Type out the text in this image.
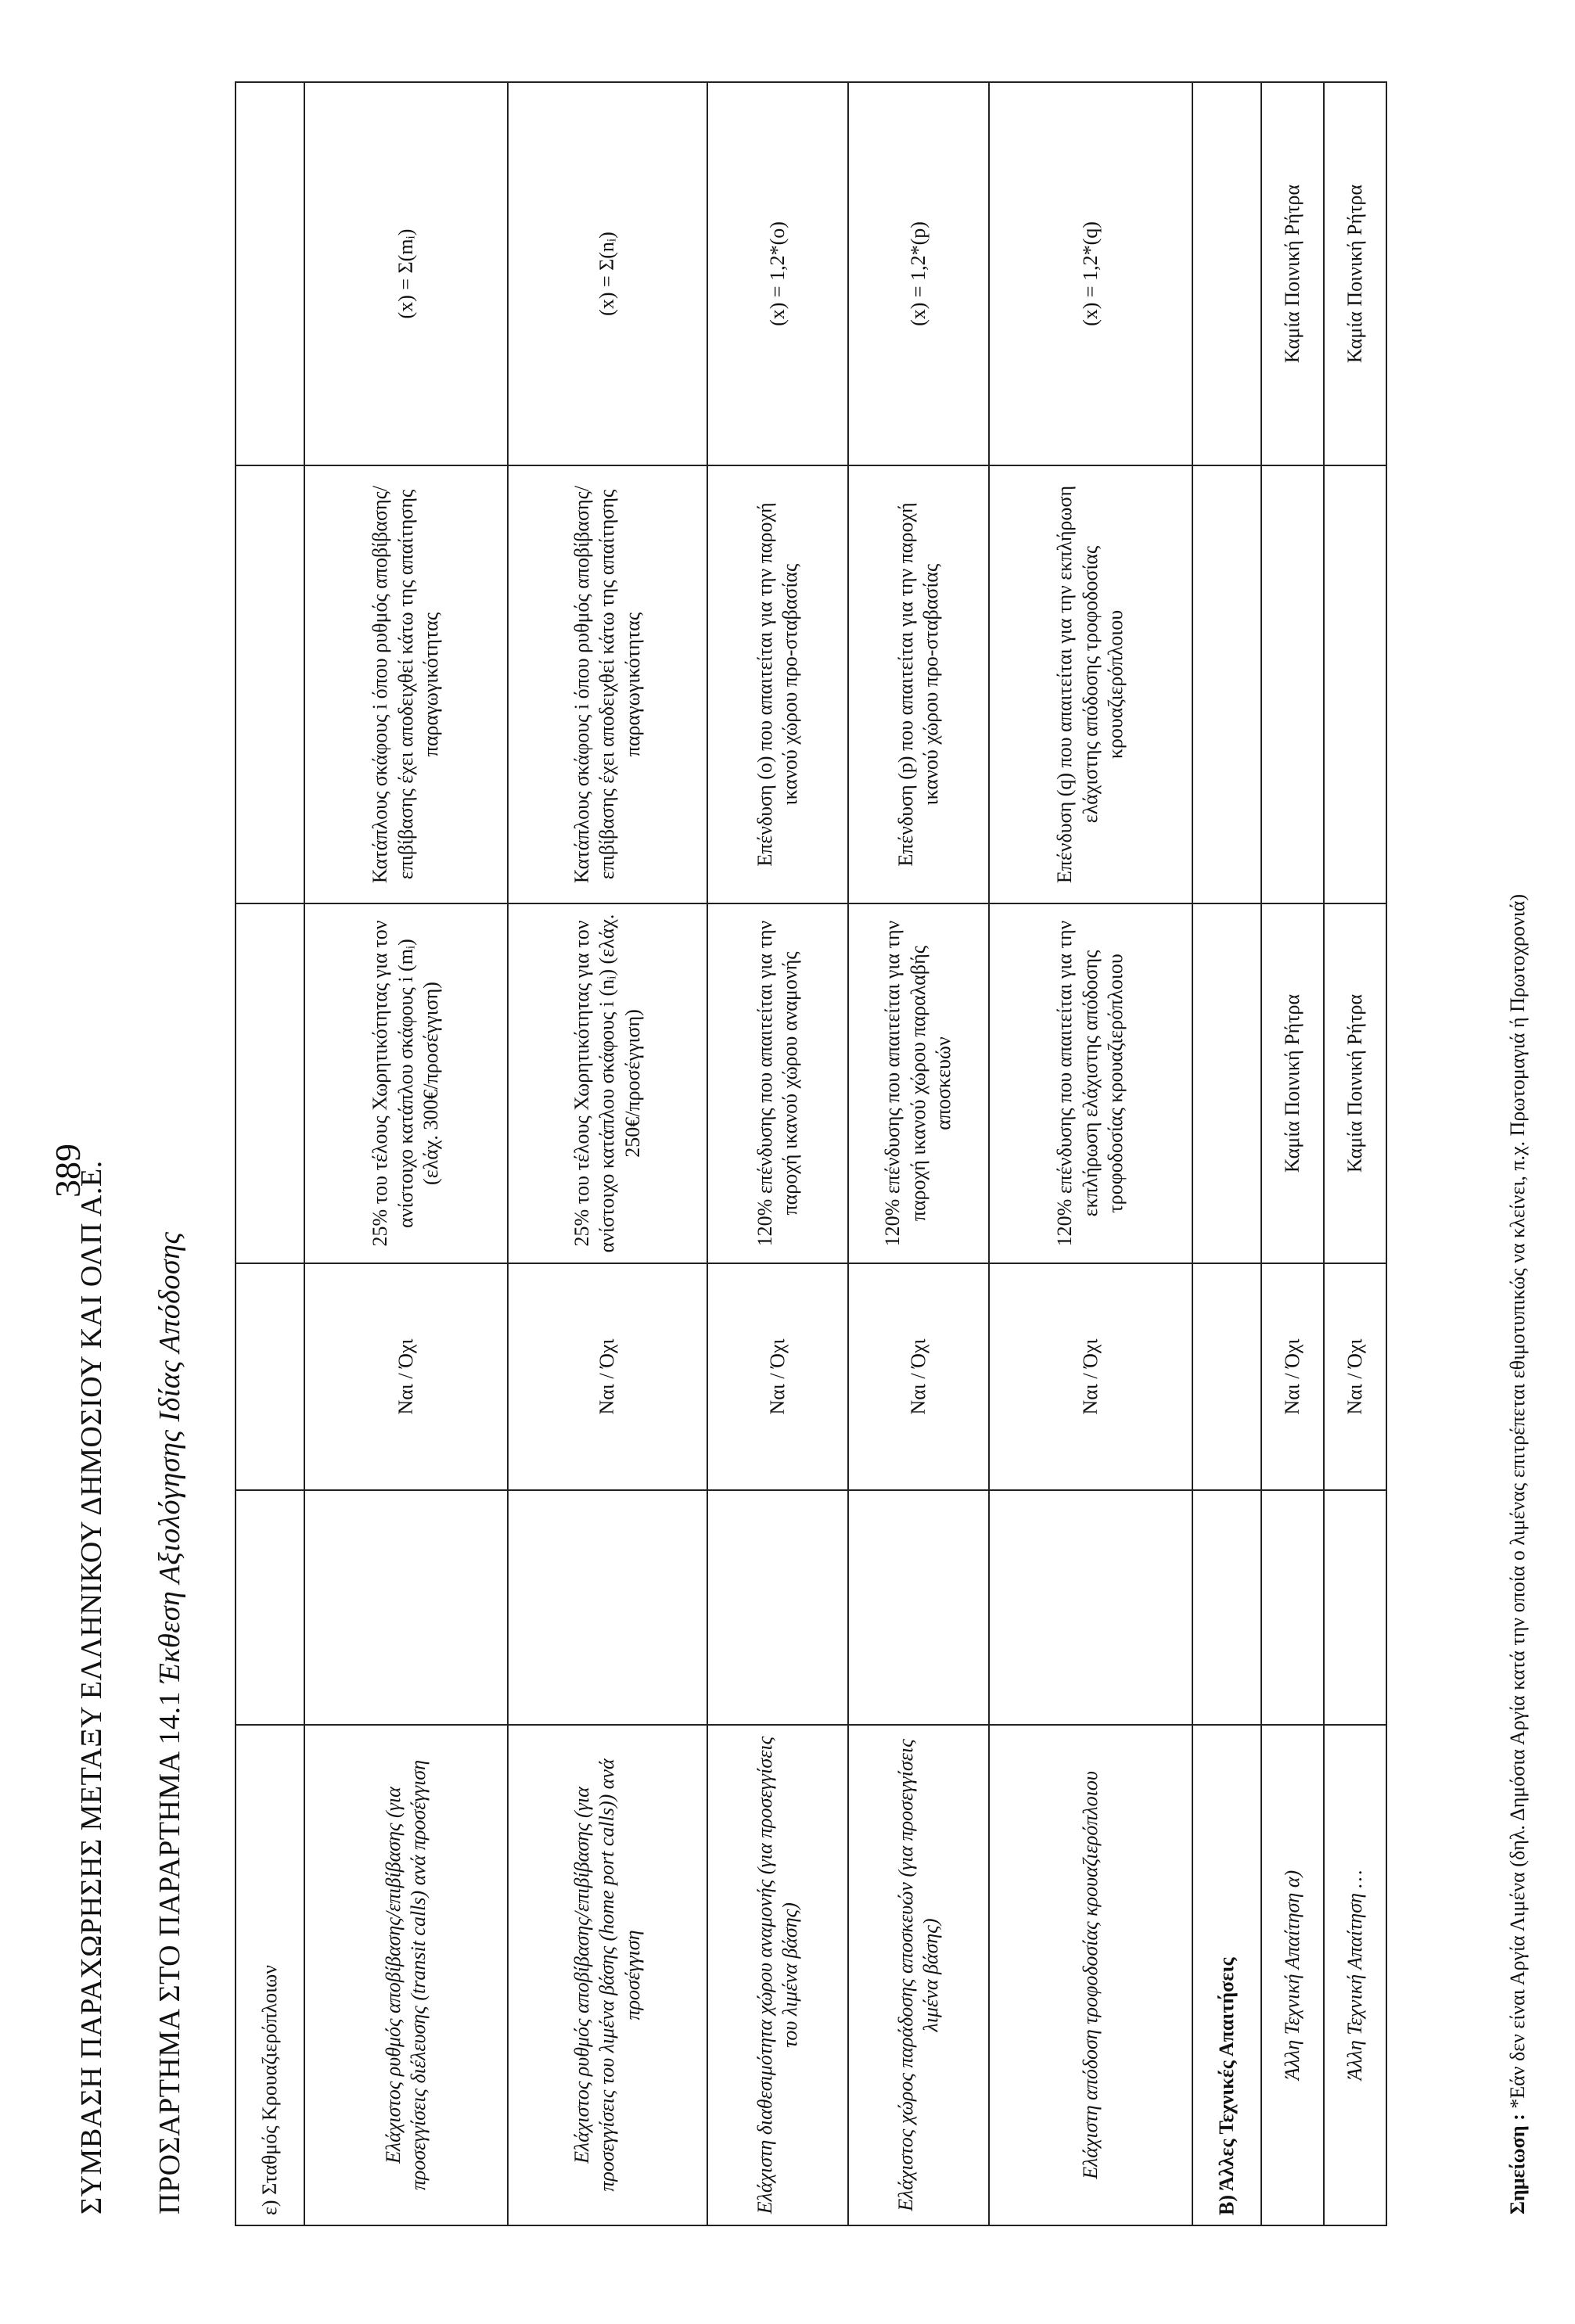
ΣΥΜΒΑΣΗ ΠΑΡΑΧΩΡΗΣΗΣ ΜΕΤΑΞΥ ΕΛΛΗΝΙΚΟΥ ΔΗΜΟΣΙΟΥ ΚΑΙ ΟΛΠ Α.Ε.
389
ΠΡΟΣΑΡΤΗΜΑ ΣΤΟ ΠΑΡΑΡΤΗΜΑ 14.1 Έκθεση Αξιολόγησης Ιδίας Απόδοσης
ε) Σταθμός Κρουαζιερόπλοιων					
Ελάχιστος ρυθμός αποβίβασης/επιβίβασης (για προσεγγίσεις διέλευσης (transit calls) ανά προσέγγιση		Ναι / Όχι	25% του τέλους Χωρητικότητας για τον ανίστοιχο κατάπλου σκάφους i (mᵢ) (ελάχ. 300€/προσέγγιση)	Κατάπλους σκάφους i όπου ρυθμός αποβίβασης/επιβίβασης έχει αποδειχθεί κάτω της απαίτησης παραγωγικότητας	(x) = Σ(mᵢ)
Ελάχιστος ρυθμός αποβίβασης/επιβίβασης (για προσεγγίσεις του λιμένα βάσης (home port calls)) ανά προσέγγιση		Ναι / Όχι	25% του τέλους Χωρητικότητας για τον ανίστοιχο κατάπλου σκάφους i (nᵢ) (ελάχ. 250€/προσέγγιση)	Κατάπλους σκάφους i όπου ρυθμός αποβίβασης/επιβίβασης έχει αποδειχθεί κάτω της απαίτησης παραγωγικότητας	(x) = Σ(nᵢ)
Ελάχιστη διαθεσιμότητα χώρου αναμονής (για προσεγγίσεις του λιμένα βάσης)		Ναι / Όχι	120% επένδυσης που απαιτείται για την παροχή ικανού χώρου αναμονής	Επένδυση (o) που απαιτείται για την παροχή ικανού χώρου προ-σταβασίας	(x) = 1,2*(o)
Ελάχιστος χώρος παράδοσης αποσκευών (για προσεγγίσεις λιμένα βάσης)		Ναι / Όχι	120% επένδυσης που απαιτείται για την παροχή ικανού χώρου παραλαβής αποσκευών	Επένδυση (p) που απαιτείται για την παροχή ικανού χώρου προ-σταβασίας	(x) = 1,2*(p)
Ελάχιστη απόδοση τροφοδοσίας κρουαζιερόπλοιου		Ναι / Όχι	120% επένδυσης που απαιτείται για την εκπλήρωση ελάχιστης απόδοσης τροφοδοσίας κρουαζιερόπλοιου	Επένδυση (q) που απαιτείται για την εκπλήρωση ελάχιστης απόδοσης τροφοδοσίας κρουαζιερόπλοιου	(x) = 1,2*(q)
Β) Άλλες Τεχνικές Απαιτήσεις					
Άλλη Τεχνική Απαίτηση α)		Ναι / Όχι	Καμία Ποινική Ρήτρα		Καμία Ποινική Ρήτρα
Άλλη Τεχνική Απαίτηση …		Ναι / Όχι	Καμία Ποινική Ρήτρα		Καμία Ποινική Ρήτρα
Σημείωση : *Εάν δεν είναι Αργία Λιμένα (δηλ. Δημόσια Αργία κατά την οποία ο λιμένας επιτρέπεται εθιμοτυπικώς να κλείνει, π.χ. Πρωτομαγιά ή Πρωτοχρονιά)
